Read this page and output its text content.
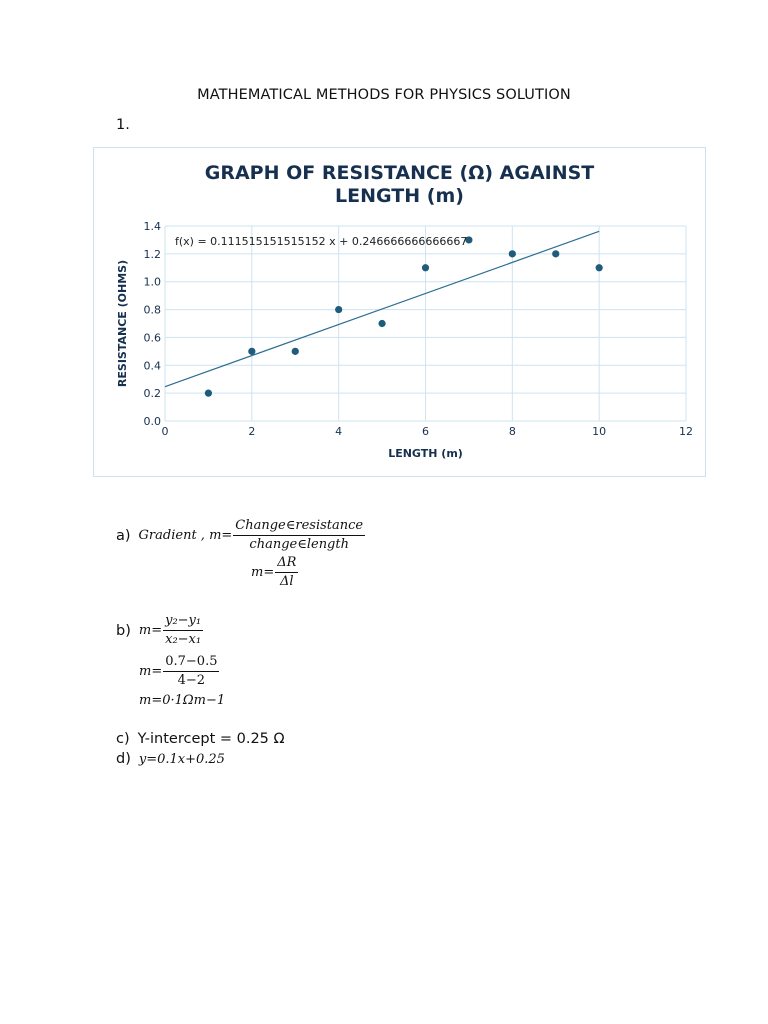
MATHEMATICAL METHODS FOR PHYSICS SOLUTION
1.
GRAPH OF RESISTANCE (Ω) AGAINST
LENGTH (m)
0.0
0.2
0.4
0.6
0.8
1.0
1.2
1.4
0	2	4	6	8	10	12
LENGTH (m)
RESISTANCE (OHMS)
f(x) = 0.111515151515152 x + 0.246666666666667
a) Gradient , $m= \frac{\text{Change∈resistance}}{\text{change∈length}}$
$m= \frac{\Delta R}{\Delta l}$
b) $m= \frac{\text{y₂−y₁}}{\text{x₂−x₁}}$
$m= \frac{0.7-0.5}{4-2}$
m=0·1Ωm −1
c) Y-intercept = 0.25 Ω
d) y=0.1x+0.25
